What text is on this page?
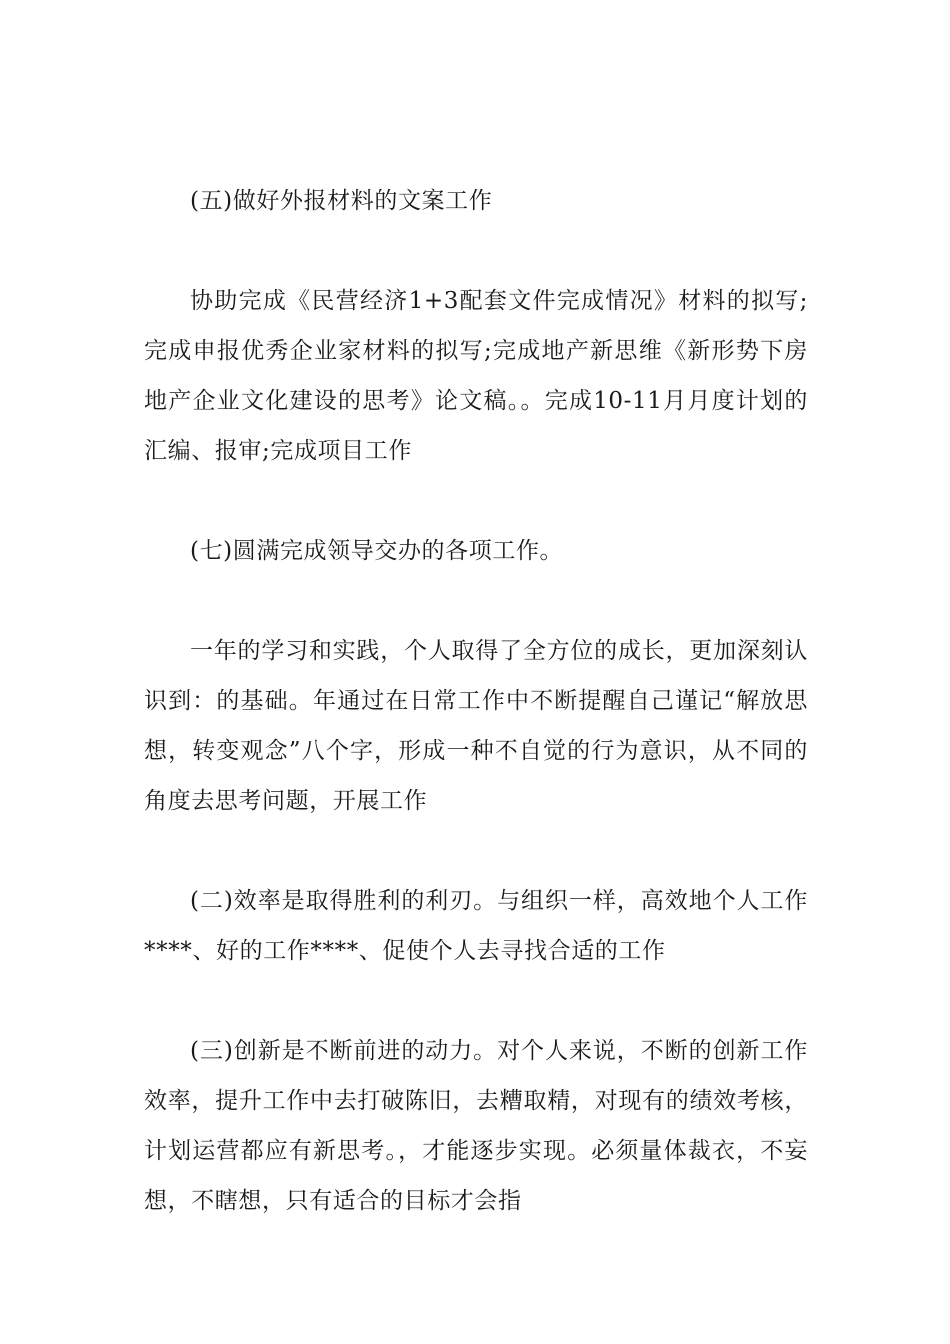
(五)做好外报材料的文案工作

协助完成《民营经济1+3配套文件完成情况》材料的拟写;完成申报优秀企业家材料的拟写;完成地产新思维《新形势下房地产企业文化建设的思考》论文稿。。完成10-11月月度计划的汇编、报审;完成项目工作

(七)圆满完成领导交办的各项工作。

一年的学习和实践，个人取得了全方位的成长，更加深刻认识到：的基础。年通过在日常工作中不断提醒自己谨记“解放思想，转变观念”八个字，形成一种不自觉的行为意识，从不同的角度去思考问题，开展工作

(二)效率是取得胜利的利刃。与组织一样，高效地个人工作****、好的工作****、促使个人去寻找合适的工作

(三)创新是不断前进的动力。对个人来说，不断的创新工作效率，提升工作中去打破陈旧，去糟取精，对现有的绩效考核，计划运营都应有新思考。，才能逐步实现。必须量体裁衣，不妄想，不瞎想，只有适合的目标才会指
